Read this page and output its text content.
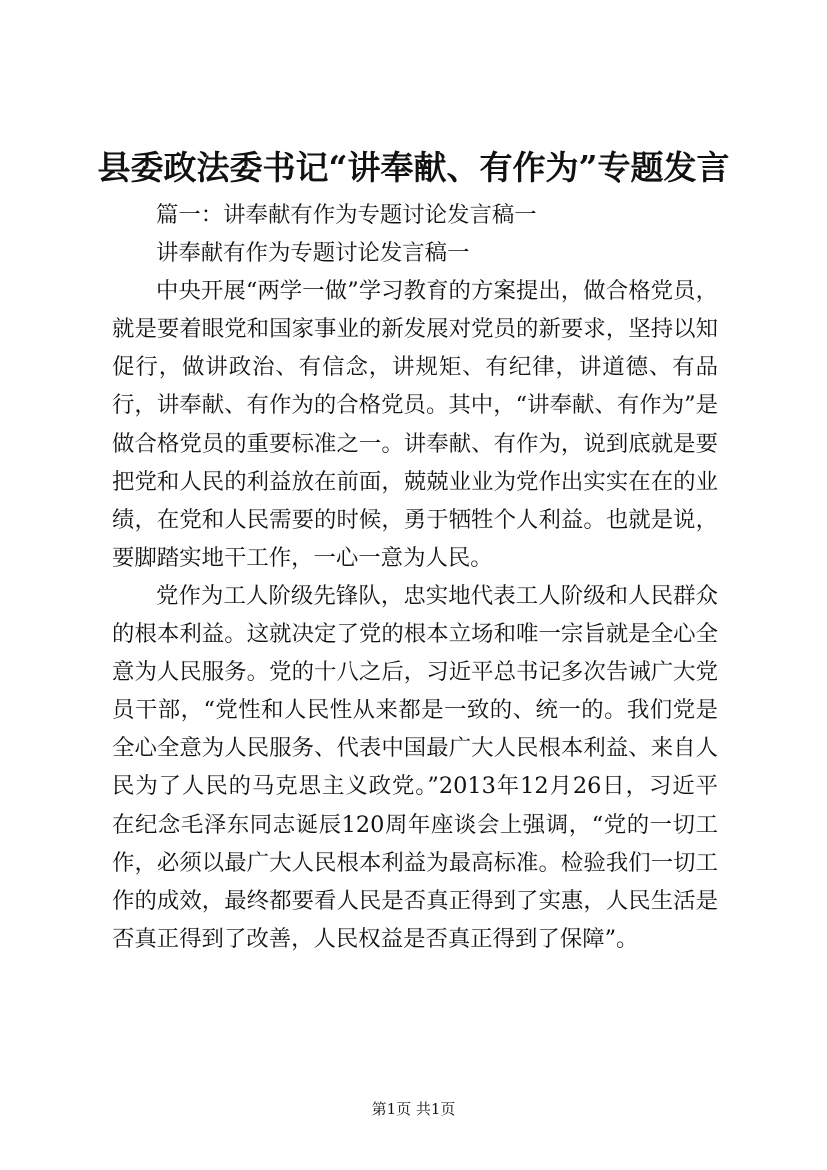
县委政法委书记“讲奉献、有作为”专题发言

篇一：讲奉献有作为专题讨论发言稿一

讲奉献有作为专题讨论发言稿一

中央开展“两学一做”学习教育的方案提出，做合格党员，就是要着眼党和国家事业的新发展对党员的新要求，坚持以知促行，做讲政治、有信念，讲规矩、有纪律，讲道德、有品行，讲奉献、有作为的合格党员。其中，“讲奉献、有作为”是做合格党员的重要标准之一。讲奉献、有作为，说到底就是要把党和人民的利益放在前面，兢兢业业为党作出实实在在的业绩，在党和人民需要的时候，勇于牺牲个人利益。也就是说，要脚踏实地干工作，一心一意为人民。

党作为工人阶级先锋队，忠实地代表工人阶级和人民群众的根本利益。这就决定了党的根本立场和唯一宗旨就是全心全意为人民服务。党的十八之后，习近平总书记多次告诫广大党员干部，“党性和人民性从来都是一致的、统一的。我们党是全心全意为人民服务、代表中国最广大人民根本利益、来自人民为了人民的马克思主义政党。”2013年12月26日，习近平在纪念毛泽东同志诞辰120周年座谈会上强调，“党的一切工作，必须以最广大人民根本利益为最高标准。检验我们一切工作的成效，最终都要看人民是否真正得到了实惠，人民生活是否真正得到了改善，人民权益是否真正得到了保障”。

第1页 共1页
